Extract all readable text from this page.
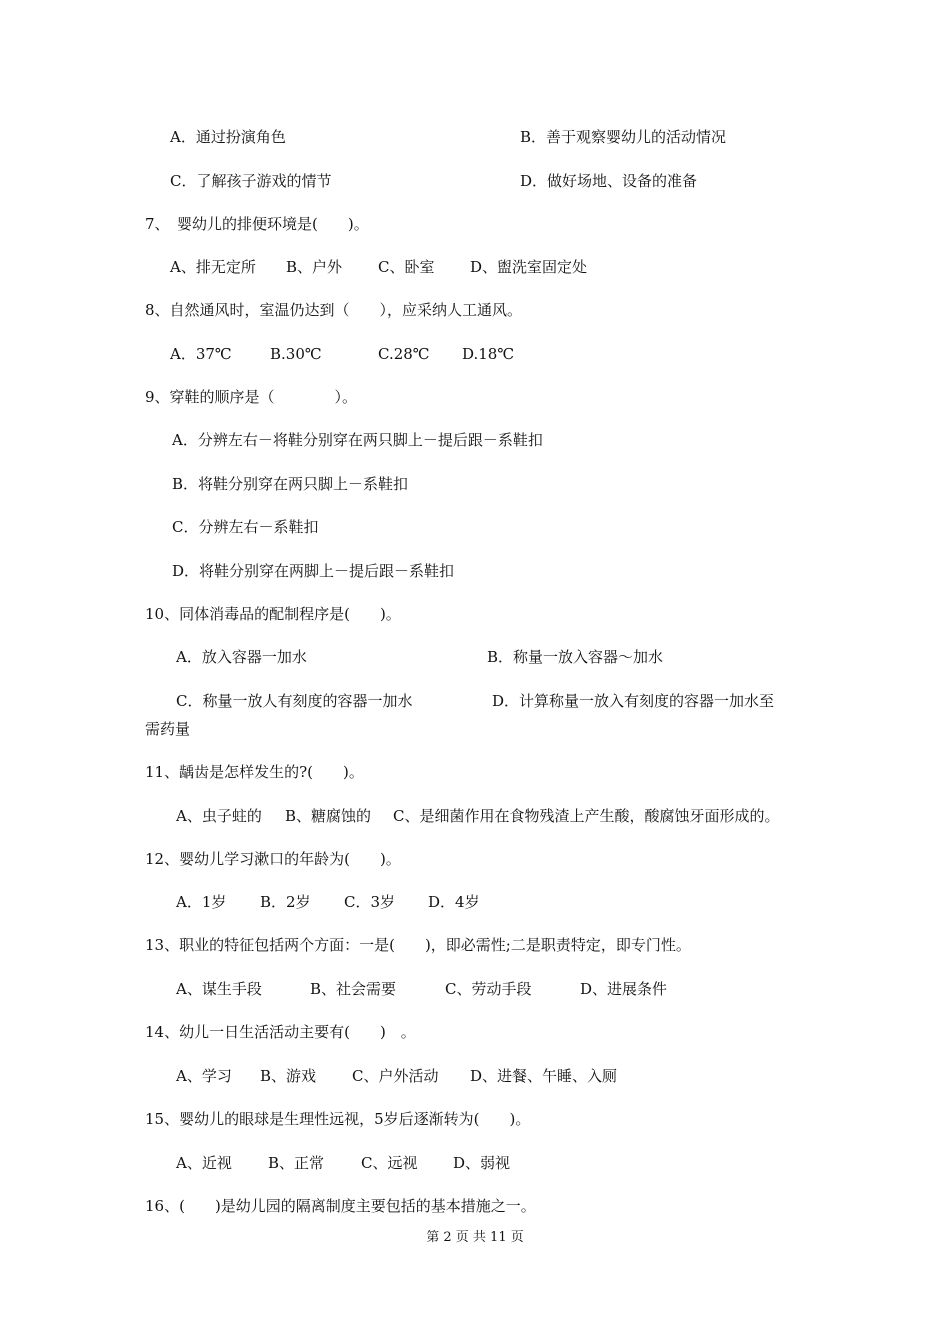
A．通过扮演角色	B．善于观察婴幼儿的活动情况
C．了解孩子游戏的情节	D．做好场地、设备的准备
7、　婴幼儿的排便环境是(　　)。
A、排无定所 B、户外 C、卧室 D、盥洗室固定处
8、自然通风时，室温仍达到（　　），应采纳人工通风。
A．37℃	B.30℃	C.28℃ D.18℃
9、穿鞋的顺序是（　　　　）。
A．分辨左右－将鞋分别穿在两只脚上－提后跟－系鞋扣
B．将鞋分别穿在两只脚上－系鞋扣
C．分辨左右－系鞋扣
D．将鞋分别穿在两脚上－提后跟－系鞋扣
10、同体消毒品的配制程序是(　　)。
A．放入容器一加水	B．称量一放入容器～加水
C．称量一放人有刻度的容器一加水	D．计算称量一放入有刻度的容器一加水至
需药量
11、龋齿是怎样发生的?(　　)。
A、虫子蛀的 B、糖腐蚀的 C、是细菌作用在食物残渣上产生酸，酸腐蚀牙面形成的。
12、婴幼儿学习漱口的年龄为(　　)。
A．1岁 B．2岁 C．3岁 D．4岁
13、职业的特征包括两个方面：一是(　　)，即必需性;二是职责特定，即专门性。
A、谋生手段	B、社会需要	C、劳动手段	D、进展条件
14、幼儿一日生活活动主要有(　　)　。
A、学习 B、游戏 C、户外活动 D、进餐、午睡、入厕
15、婴幼儿的眼球是生理性远视，5岁后逐渐转为(　　)。
A、近视 B、正常 C、远视 D、弱视
16、(　　)是幼儿园的隔离制度主要包括的基本措施之一。
第 2 页 共 11 页
